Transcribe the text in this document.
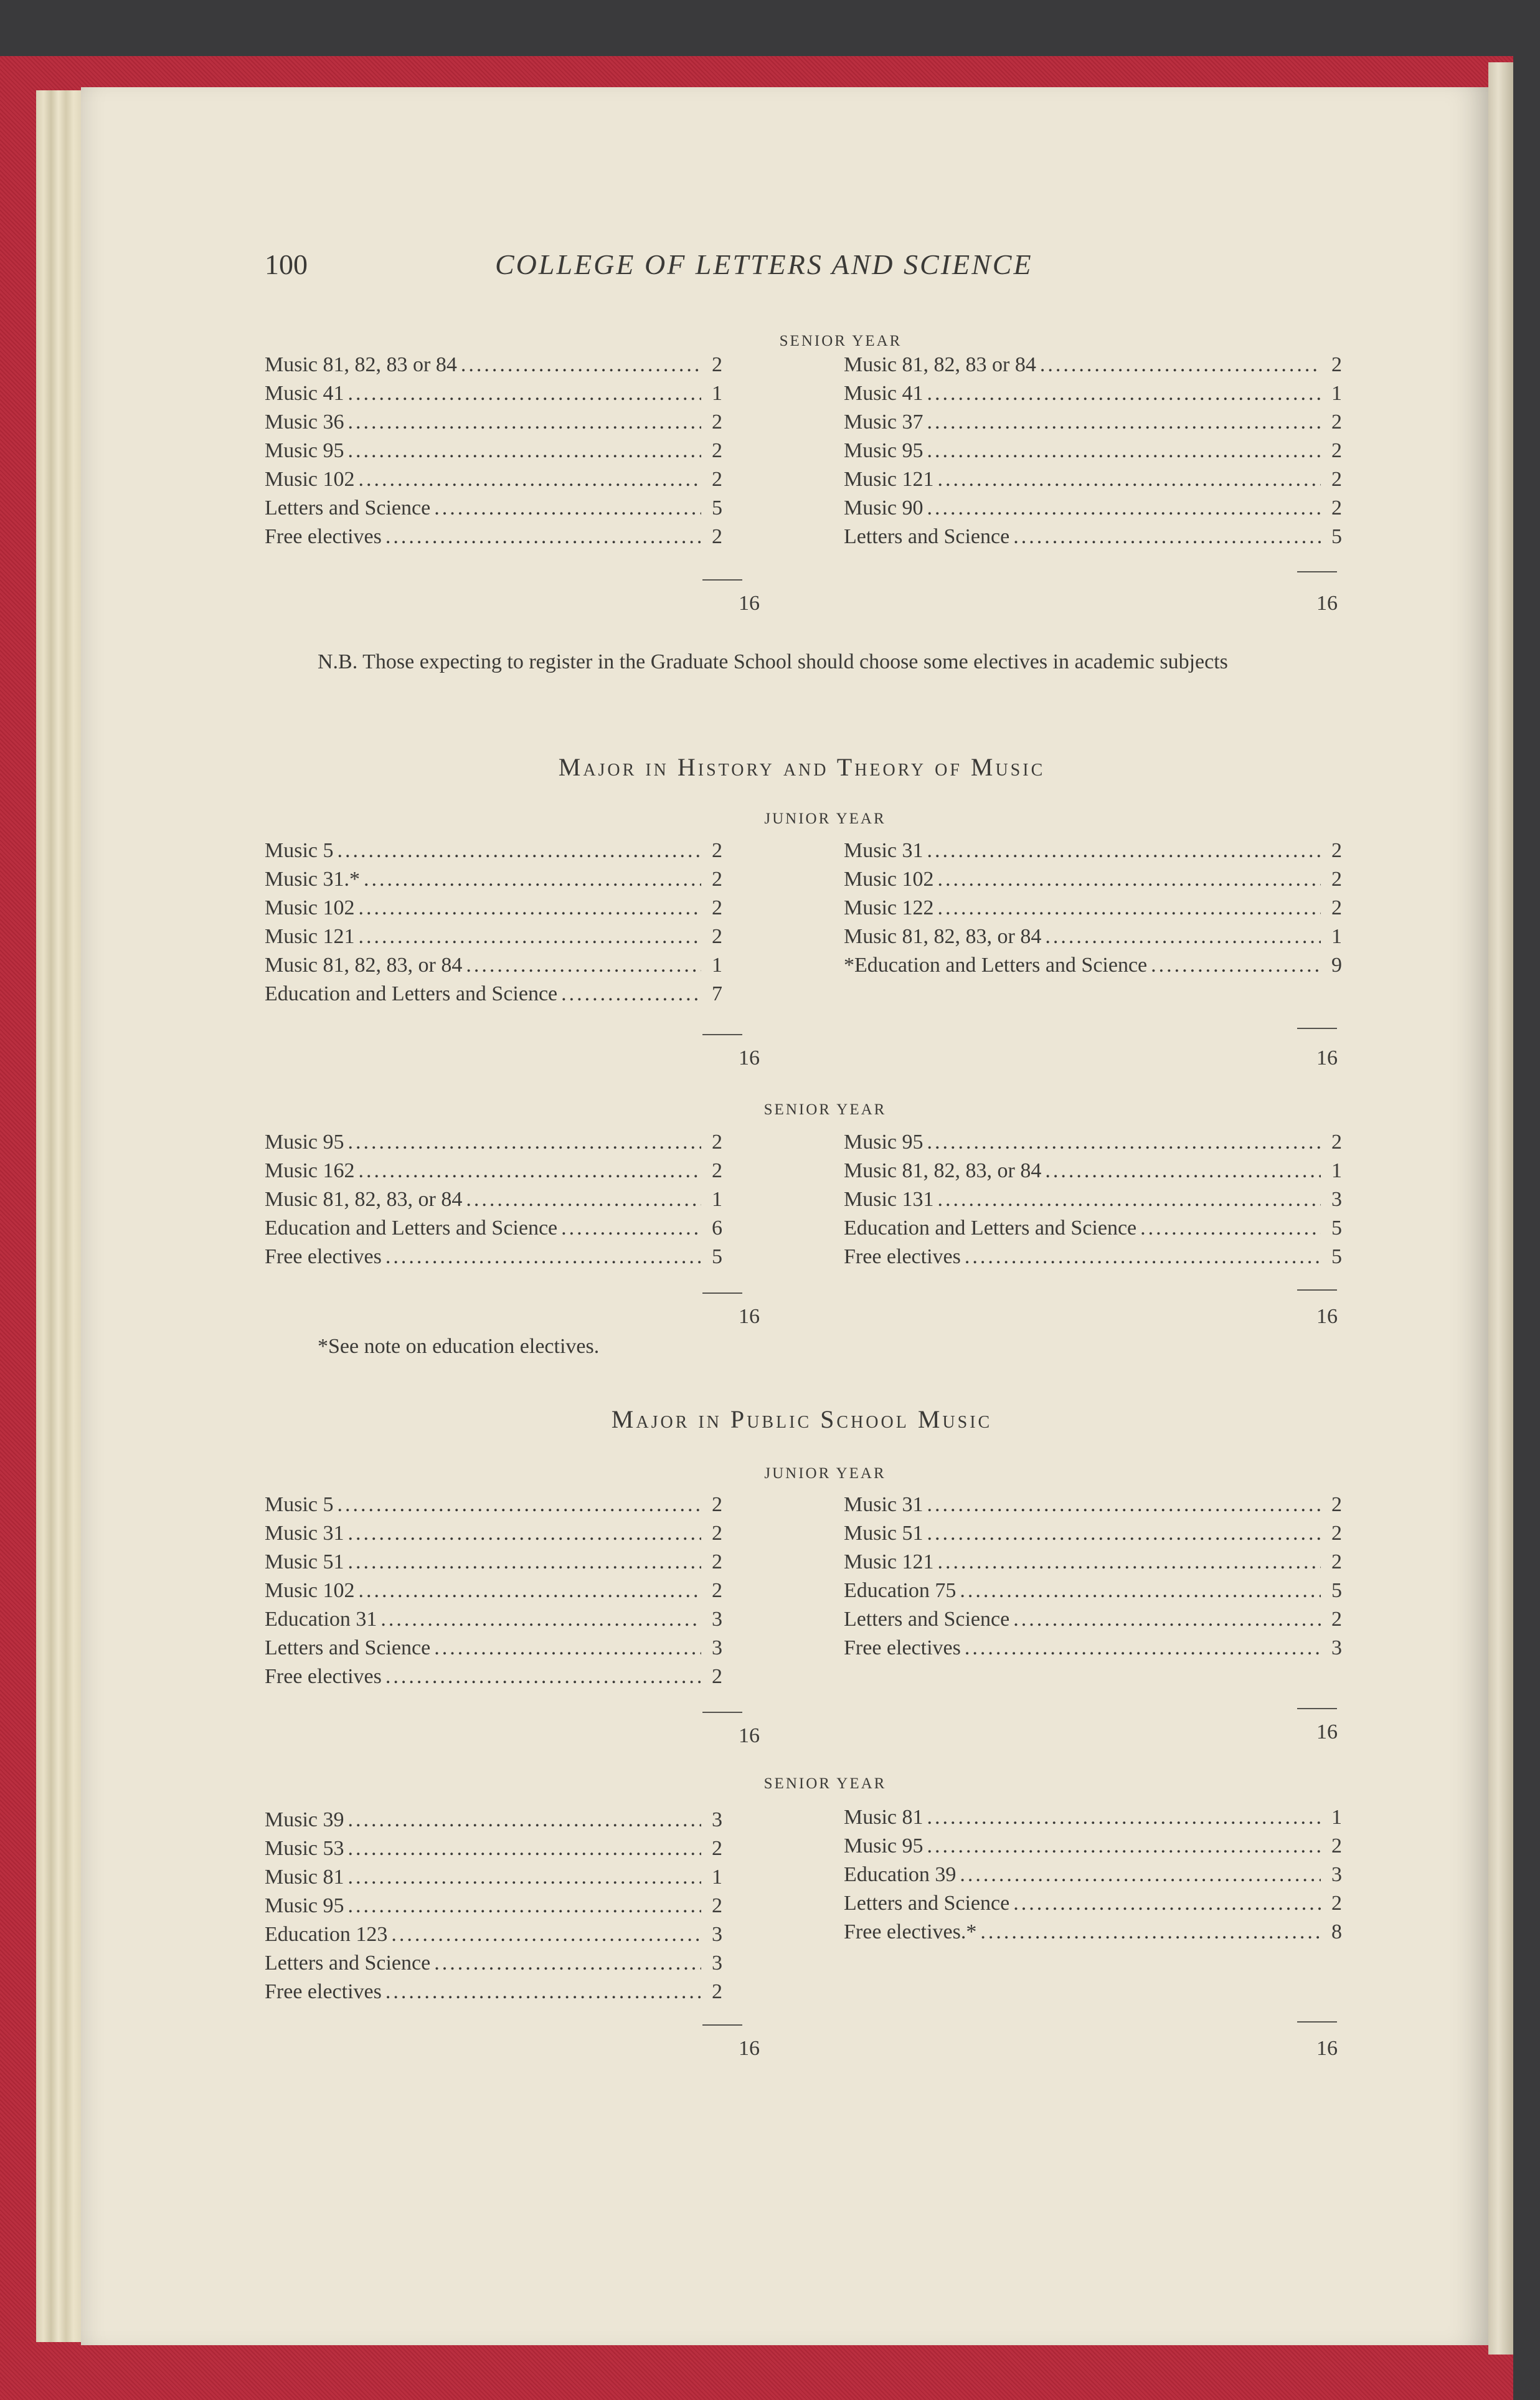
100	COLLEGE OF LETTERS AND SCIENCE
SENIOR YEAR
Music 81, 82, 83 or 84 .....	2
Music 41 .....	1
Music 36 .....	2
Music 95 .....	2
Music 102 .....	2
Letters and Science .....	5
Free electives .....	2
Music 81, 82, 83 or 84 .....	2
Music 41 .....	1
Music 37 .....	2
Music 95 .....	2
Music 121 .....	2
Music 90 .....	2
Letters and Science .....	5
16	16
N.B. Those expecting to register in the Graduate School should choose some electives in academic subjects
Major in History and Theory of Music
JUNIOR YEAR
Music 5 .....	2
Music 31.* .....	2
Music 102 .....	2
Music 121 .....	2
Music 81, 82, 83, or 84 .....	1
Education and Letters and Science .....	7
Music 31 .....	2
Music 102 .....	2
Music 122 .....	2
Music 81, 82, 83, or 84 .....	1
*Education and Letters and Science .....	9
16	16
SENIOR YEAR
Music 95 .....	2
Music 162 .....	2
Music 81, 82, 83, or 84 .....	1
Education and Letters and Science .....	6
Free electives .....	5
Music 95 .....	2
Music 81, 82, 83, or 84 .....	1
Music 131 .....	3
Education and Letters and Science .....	5
Free electives .....	5
16	16
*See note on education electives.
Major in Public School Music
JUNIOR YEAR
Music 5 .....	2
Music 31 .....	2
Music 51 .....	2
Music 102 .....	2
Education 31 .....	3
Letters and Science .....	3
Free electives .....	2
Music 31 .....	2
Music 51 .....	2
Music 121 .....	2
Education 75 .....	5
Letters and Science .....	2
Free electives .....	3
16	16
SENIOR YEAR
Music 39 .....	3
Music 53 .....	2
Music 81 .....	1
Music 95 .....	2
Education 123 .....	3
Letters and Science .....	3
Free electives .....	2
Music 81 .....	1
Music 95 .....	2
Education 39 .....	3
Letters and Science .....	2
Free electives.* .....	8
16	16
